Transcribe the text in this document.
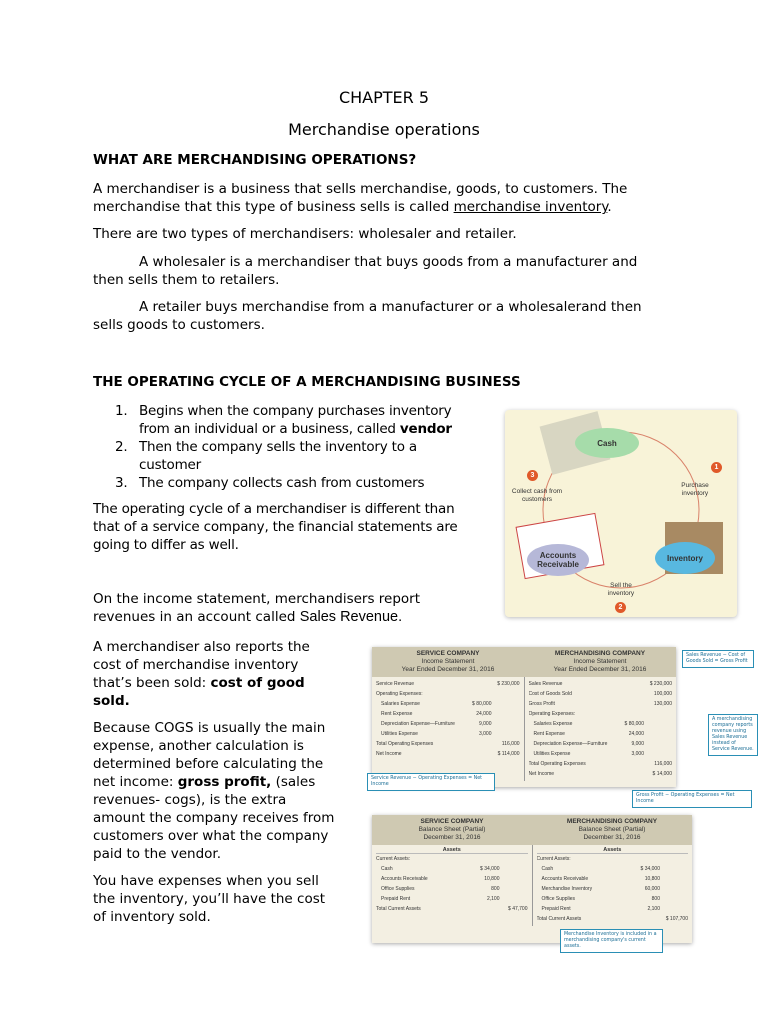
CHAPTER 5
Merchandise operations
WHAT ARE MERCHANDISING OPERATIONS?

A merchandiser is a business that sells merchandise, goods, to customers. The

merchandise that this type of business sells is called merchandise inventory.

There are two types of merchandisers: wholesaler and retailer.

A wholesaler is a merchandiser that buys goods from a manufacturer and

then sells them to retailers.

A retailer buys merchandise from a manufacturer or a wholesalerand then

sells goods to customers.

THE OPERATING CYCLE OF A MERCHANDISING BUSINESS

1. Begins when the company purchases inventory

from an individual or a business, called vendor

2. Then the company sells the inventory to a

customer

3. The company collects cash from customers

The operating cycle of a merchandiser is different than

that of a service company, the financial statements are

going to differ as well.

On the income statement, merchandisers report

revenues in an account called Sales Revenue.

A merchandiser also reports the

cost of merchandise inventory

that’s been sold: cost of good

sold.

Because COGS is usually the main

expense, another calculation is

determined before calculating the

net income: gross profit, (sales

revenues- cogs), is the extra

amount the company receives from

customers over what the company

paid to the vendor.

You have expenses when you sell

the inventory, you’ll have the cost

of inventory sold.

Cash
Inventory
Accounts Receivable
Purchase inventory
Sell the inventory
Collect cash from customers
1
2
3
SERVICE COMPANY
Income Statement
Year Ended December 31, 2016
MERCHANDISING COMPANY
Income Statement
Year Ended December 31, 2016
Service Revenue	$ 230,000
Operating Expenses:
Salaries Expense	$ 80,000
Rent Expense	24,000
Depreciation Expense—Furniture	9,000
Utilities Expense	3,000
Total Operating Expenses	116,000
Net Income	$ 114,000
Sales Revenue	$ 230,000
Cost of Goods Sold	100,000
Gross Profit	130,000
Operating Expenses:
Salaries Expense	$ 80,000
Rent Expense	24,000
Depreciation Expense—Furniture	9,000
Utilities Expense	3,000
Total Operating Expenses	116,000
Net Income	$ 14,000
Sales Revenue − Cost of Goods Sold = Gross Profit
A merchandising company reports revenue using Sales Revenue instead of Service Revenue.
Service Revenue − Operating Expenses = Net Income
Gross Profit − Operating Expenses = Net Income
SERVICE COMPANY
Balance Sheet (Partial)
December 31, 2016
MERCHANDISING COMPANY
Balance Sheet (Partial)
December 31, 2016
Assets
Current Assets:
Cash	$ 34,000
Accounts Receivable	10,800
Office Supplies	800
Prepaid Rent	2,100
Total Current Assets	$ 47,700
Assets
Current Assets:
Cash	$ 34,000
Accounts Receivable	10,800
Merchandise Inventory	60,000
Office Supplies	800
Prepaid Rent	2,100
Total Current Assets	$ 107,700
Merchandise Inventory is included in a merchandising company's current assets.
